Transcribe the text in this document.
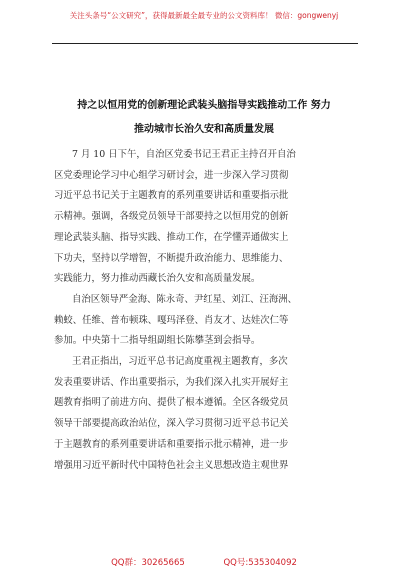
关注头条号“公文研究”，获得最新最全最专业的公文资料库！ 微信：gongwenyj
持之以恒用党的创新理论武装头脑指导实践推动工作 努力
推动城市长治久安和高质量发展

7 月 10 日下午，自治区党委书记王君正主持召开自治
区党委理论学习中心组学习研讨会，进一步深入学习贯彻
习近平总书记关于主题教育的系列重要讲话和重要指示批
示精神。强调，各级党员领导干部要持之以恒用党的创新
理论武装头脑、指导实践、推动工作，在学懂弄通做实上
下功夫，坚持以学增智，不断提升政治能力、思维能力、
实践能力，努力推动西藏长治久安和高质量发展。

自治区领导严金海、陈永奇、尹红星、刘江、汪海洲、
赖蛟、任维、普布顿珠、嘎玛泽登、肖友才、达娃次仁等
参加。中央第十二指导组副组长陈攀茎到会指导。

王君正指出，习近平总书记高度重视主题教育，多次
发表重要讲话、作出重要指示，为我们深入扎实开展好主
题教育指明了前进方向、提供了根本遵循。全区各级党员
领导干部要提高政治站位，深入学习贯彻习近平总书记关
于主题教育的系列重要讲话和重要指示批示精神，进一步
增强用习近平新时代中国特色社会主义思想改造主观世界

QQ群：30265665	QQ号:535304092
